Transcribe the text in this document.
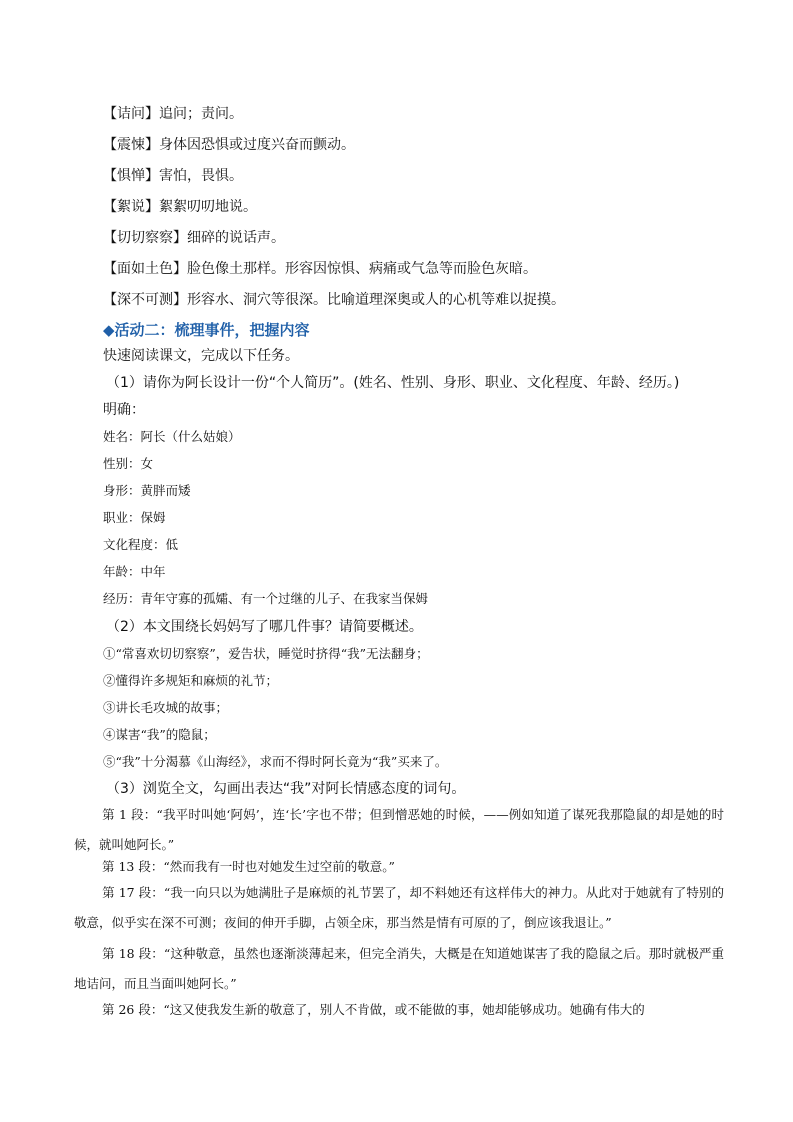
【诘问】追问；责问。
【震悚】身体因恐惧或过度兴奋而颤动。
【惧惮】害怕，畏惧。
【絮说】絮絮叨叨地说。
【切切察察】细碎的说话声。
【面如土色】脸色像土那样。形容因惊惧、病痛或气急等而脸色灰暗。
【深不可测】形容水、洞穴等很深。比喻道理深奥或人的心机等难以捉摸。
◆活动二：梳理事件，把握内容
快速阅读课文，完成以下任务。
（1）请你为阿长设计一份“个人简历”。(姓名、性别、身形、职业、文化程度、年龄、经历。)
明确：
姓名：阿长（什么姑娘）
性别：女
身形：黄胖而矮
职业：保姆
文化程度：低
年龄：中年
经历：青年守寡的孤孀、有一个过继的儿子、在我家当保姆
（2）本文围绕长妈妈写了哪几件事？请简要概述。
①“常喜欢切切察察”，爱告状，睡觉时挤得“我”无法翻身；
②懂得许多规矩和麻烦的礼节；
③讲长毛攻城的故事；
④谋害“我”的隐鼠；
⑤“我”十分渴慕《山海经》，求而不得时阿长竟为“我”买来了。
（3）浏览全文，勾画出表达“我”对阿长情感态度的词句。
第 1 段：“我平时叫她‘阿妈’，连‘长’字也不带；但到憎恶她的时候，——例如知道了谋死我那隐鼠的却是她的时候，就叫她阿长。”
第 13 段：“然而我有一时也对她发生过空前的敬意。”
第 17 段：“我一向只以为她满肚子是麻烦的礼节罢了，却不料她还有这样伟大的神力。从此对于她就有了特别的敬意，似乎实在深不可测；夜间的伸开手脚，占领全床，那当然是情有可原的了，倒应该我退让。”
第 18 段：“这种敬意，虽然也逐渐淡薄起来，但完全消失，大概是在知道她谋害了我的隐鼠之后。那时就极严重地诘问，而且当面叫她阿长。”
第 26 段：“这又使我发生新的敬意了，别人不肯做，或不能做的事，她却能够成功。她确有伟大的
